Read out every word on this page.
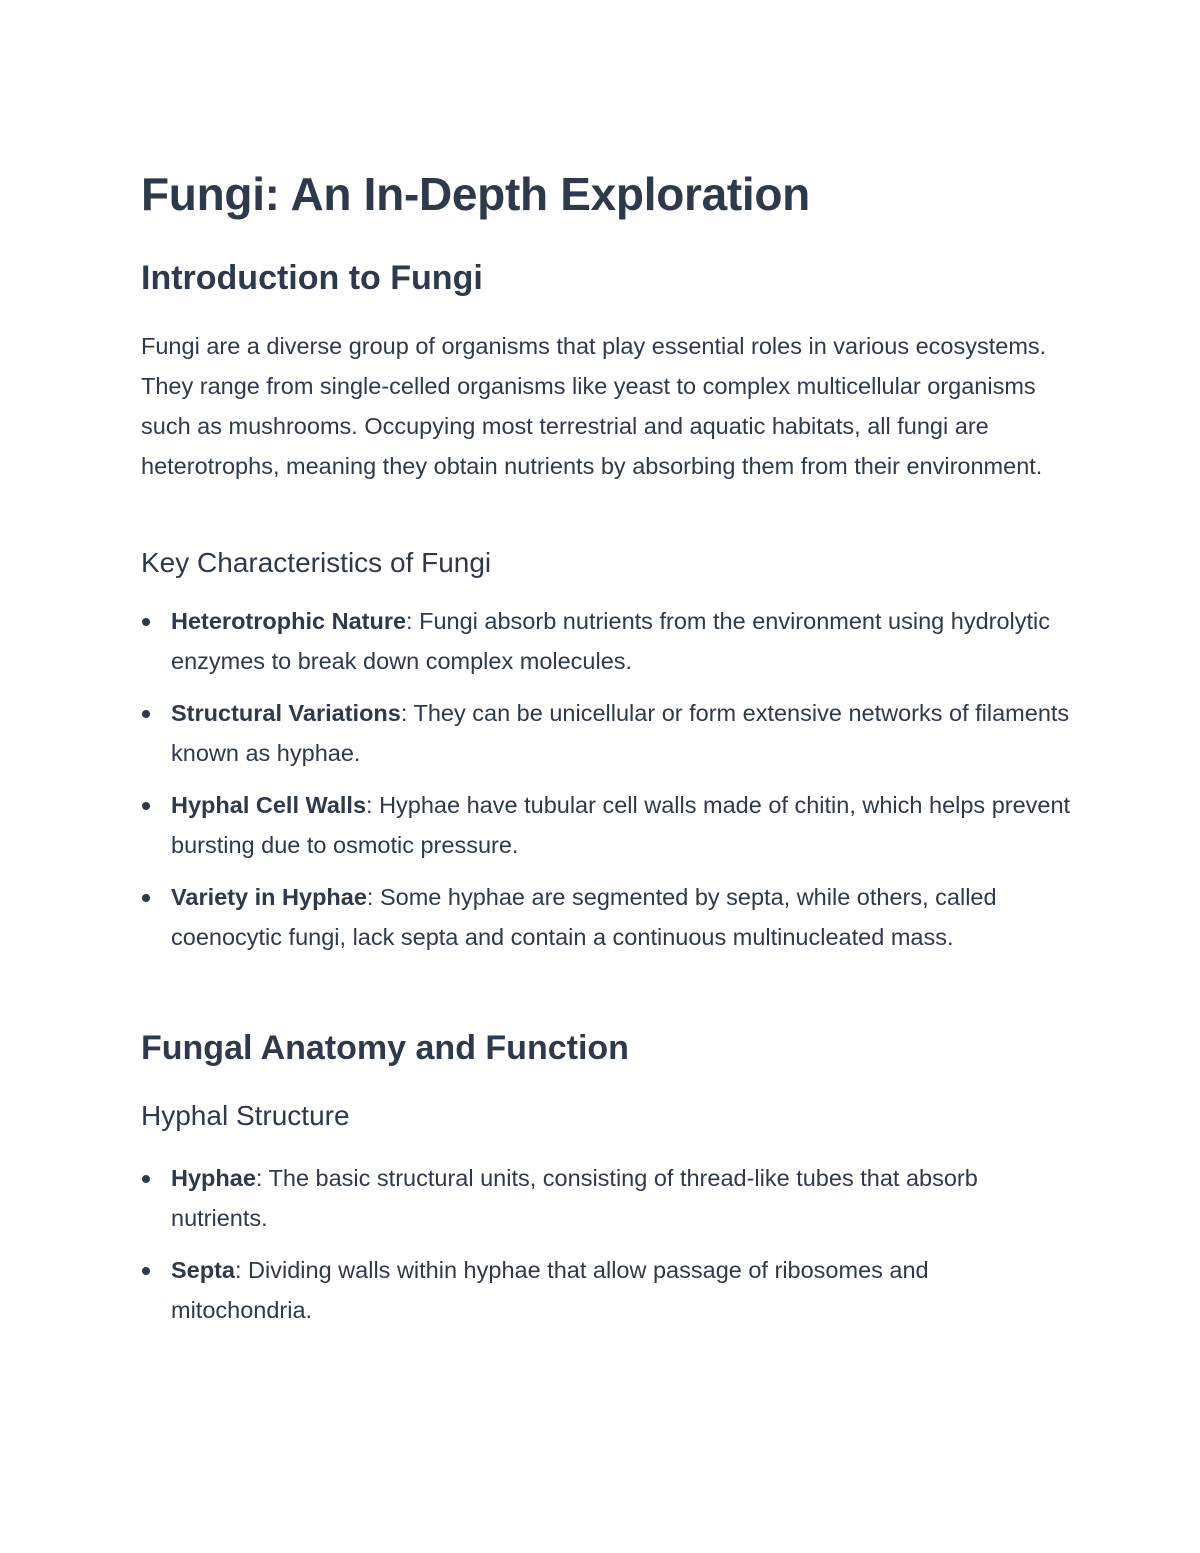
Fungi: An In-Depth Exploration
Introduction to Fungi

Fungi are a diverse group of organisms that play essential roles in various ecosystems. They range from single-celled organisms like yeast to complex multicellular organisms such as mushrooms. Occupying most terrestrial and aquatic habitats, all fungi are heterotrophs, meaning they obtain nutrients by absorbing them from their environment.

Key Characteristics of Fungi
Heterotrophic Nature: Fungi absorb nutrients from the environment using hydrolytic enzymes to break down complex molecules.
Structural Variations: They can be unicellular or form extensive networks of filaments known as hyphae.
Hyphal Cell Walls: Hyphae have tubular cell walls made of chitin, which helps prevent bursting due to osmotic pressure.
Variety in Hyphae: Some hyphae are segmented by septa, while others, called coenocytic fungi, lack septa and contain a continuous multinucleated mass.
Fungal Anatomy and Function
Hyphal Structure
Hyphae: The basic structural units, consisting of thread-like tubes that absorb nutrients.
Septa: Dividing walls within hyphae that allow passage of ribosomes and mitochondria.
